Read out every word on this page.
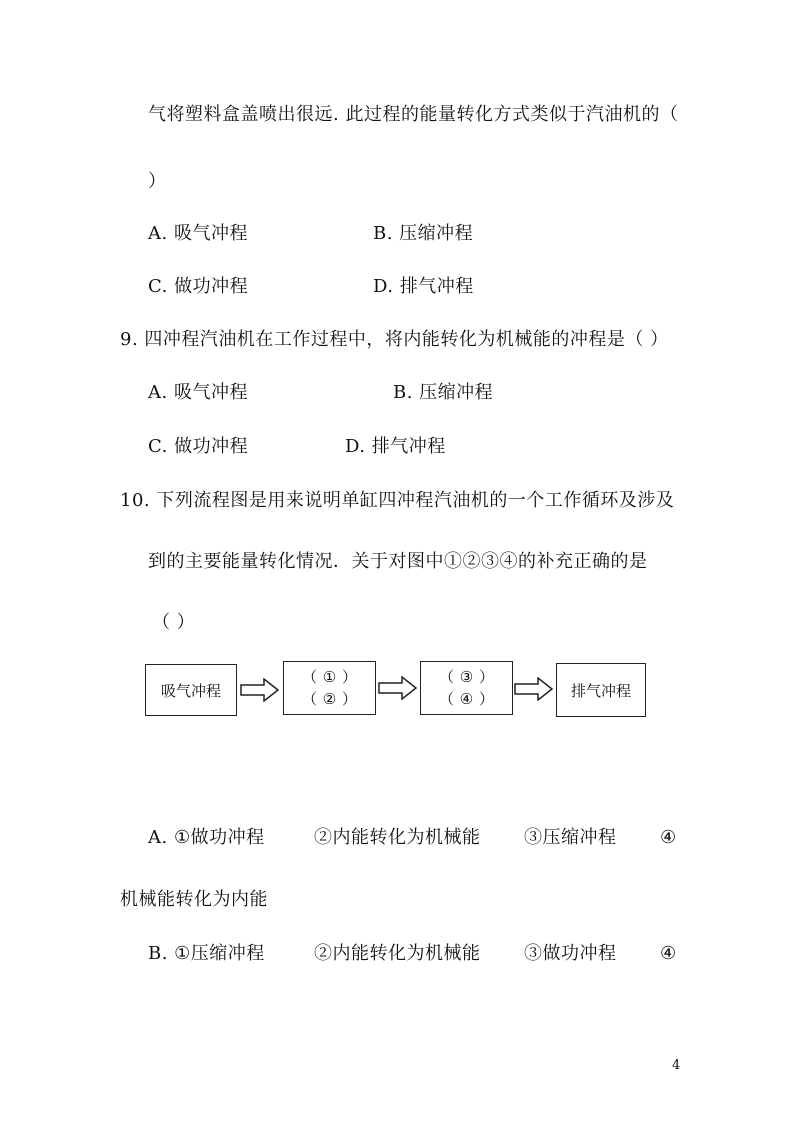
气将塑料盒盖喷出很远. 此过程的能量转化方式类似于汽油机的（
）
A. 吸气冲程	B. 压缩冲程
C. 做功冲程	D. 排气冲程
9. 四冲程汽油机在工作过程中，将内能转化为机械能的冲程是（ ）
A. 吸气冲程	B. 压缩冲程
C. 做功冲程	D. 排气冲程
10. 下列流程图是用来说明单缸四冲程汽油机的一个工作循环及涉及
到的主要能量转化情况．关于对图中①②③④的补充正确的是
（ ）
吸气冲程
（ ① ）
（ ② ）
（ ③ ）
（ ④ ）	排气冲程
A. ①做功冲程	②内能转化为机械能 ③压缩冲程 ④
机械能转化为内能
B. ①压缩冲程	②内能转化为机械能 ③做功冲程 ④
4
